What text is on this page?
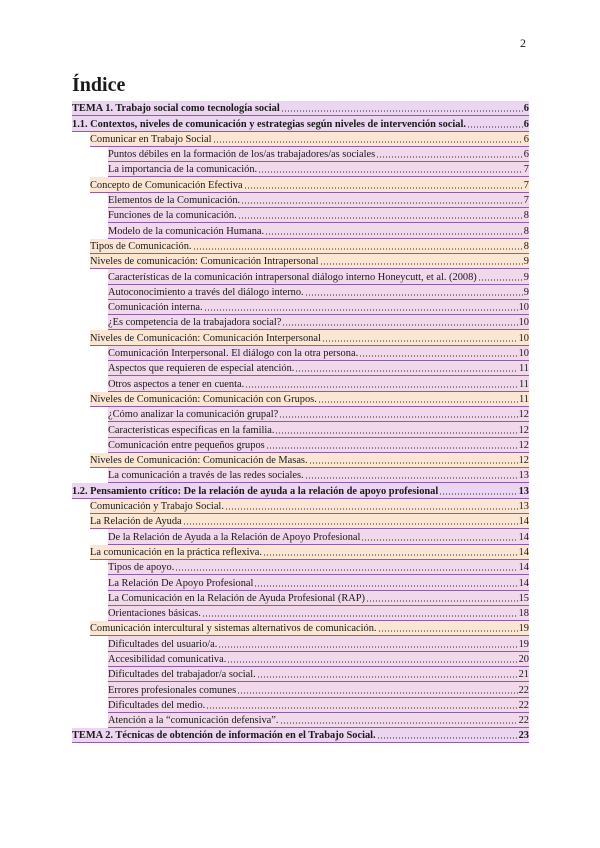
2
Índice
TEMA 1. Trabajo social como tecnología social	6
1.1. Contextos, niveles de comunicación y estrategias según niveles de intervención social.	6
Comunicar en Trabajo Social	6
Puntos débiles en la formación de los/as trabajadores/as sociales	6
La importancia de la comunicación.	7
Concepto de Comunicación Efectiva	7
Elementos de la Comunicación.	7
Funciones de la comunicación.	8
Modelo de la comunicación Humana.	8
Tipos de Comunicación.	8
Niveles de comunicación: Comunicación Intrapersonal	9
Características de la comunicación intrapersonal diálogo interno Honeycutt, et al. (2008)	9
Autoconocimiento a través del diálogo interno.	9
Comunicación interna.	10
¿Es competencia de la trabajadora social?	10
Niveles de Comunicación: Comunicación Interpersonal	10
Comunicación Interpersonal. El diálogo con la otra persona.	10
Aspectos que requieren de especial atención.	11
Otros aspectos a tener en cuenta.	11
Niveles de Comunicación: Comunicación con Grupos.	11
¿Cómo analizar la comunicación grupal?	12
Características específicas en la familia.	12
Comunicación entre pequeños grupos	12
Niveles de Comunicación: Comunicación de Masas.	12
La comunicación a través de las redes sociales.	13
1.2. Pensamiento crítico: De la relación de ayuda a la relación de apoyo profesional	13
Comunicación y Trabajo Social.	13
La Relación de Ayuda	14
De la Relación de Ayuda a la Relación de Apoyo Profesional	14
La comunicación en la práctica reflexiva.	14
Tipos de apoyo.	14
La Relación De Apoyo Profesional	14
La Comunicación en la Relación de Ayuda Profesional (RAP)	15
Orientaciones básicas.	18
Comunicación intercultural y sistemas alternativos de comunicación.	19
Dificultades del usuario/a.	19
Accesibilidad comunicativa.	20
Dificultades del trabajador/a social.	21
Errores profesionales comunes	22
Dificultades del medio.	22
Atención a la “comunicación defensiva”.	22
TEMA 2. Técnicas de obtención de información en el Trabajo Social.	23
